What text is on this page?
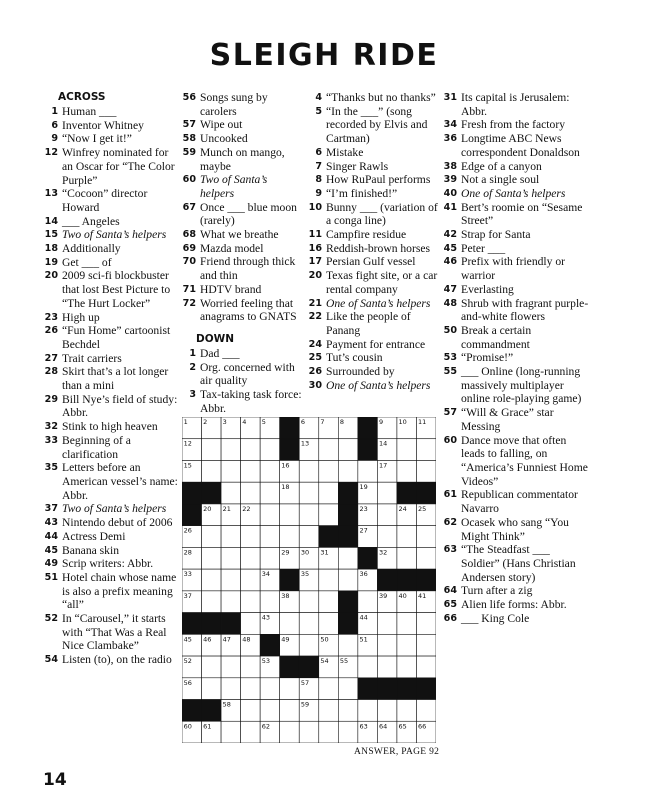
SLEIGH RIDE
ACROSS
1 Human ___
6 Inventor Whitney
9 “Now I get it!”
12 Winfrey nominated for an Oscar for “The Color Purple”
13 “Cocoon” director Howard
14 ___ Angeles
15 Two of Santa’s helpers
18 Additionally
19 Get ___ of
20 2009 sci-fi blockbuster that lost Best Picture to “The Hurt Locker”
23 High up
26 “Fun Home” cartoonist Bechdel
27 Trait carriers
28 Skirt that’s a lot longer than a mini
29 Bill Nye’s field of study: Abbr.
32 Stink to high heaven
33 Beginning of a clarification
35 Letters before an American vessel’s name: Abbr.
37 Two of Santa’s helpers
43 Nintendo debut of 2006
44 Actress Demi
45 Banana skin
49 Scrip writers: Abbr.
51 Hotel chain whose name is also a prefix meaning “all”
52 In “Carousel,” it starts with “That Was a Real Nice Clambake”
54 Listen (to), on the radio
56 Songs sung by carolers
57 Wipe out
58 Uncooked
59 Munch on mango, maybe
60 Two of Santa’s helpers
67 Once ___ blue moon (rarely)
68 What we breathe
69 Mazda model
70 Friend through thick and thin
71 HDTV brand
72 Worried feeling that anagrams to GNATS
DOWN
1 Dad ___
2 Org. concerned with air quality
3 Tax-taking task force: Abbr.
4 “Thanks but no thanks”
5 “In the ___” (song recorded by Elvis and Cartman)
6 Mistake
7 Singer Rawls
8 How RuPaul performs
9 “I’m finished!”
10 Bunny ___ (variation of a conga line)
11 Campfire residue
16 Reddish-brown horses
17 Persian Gulf vessel
20 Texas fight site, or a car rental company
21 One of Santa’s helpers
22 Like the people of Panang
24 Payment for entrance
25 Tut’s cousin
26 Surrounded by
30 One of Santa’s helpers
31 Its capital is Jerusalem: Abbr.
34 Fresh from the factory
36 Longtime ABC News correspondent Donaldson
38 Edge of a canyon
39 Not a single soul
40 One of Santa’s helpers
41 Bert’s roomie on “Sesame Street”
42 Strap for Santa
45 Peter ___
46 Prefix with friendly or warrior
47 Everlasting
48 Shrub with fragrant purple-and-white flowers
50 Break a certain commandment
53 “Promise!”
55 ___ Online (long-running massively multiplayer online role-playing game)
57 “Will & Grace” star Messing
60 Dance move that often leads to falling, on “America’s Funniest Home Videos”
61 Republican commentator Navarro
62 Ocasek who sang “You Might Think”
63 “The Steadfast ___ Soldier” (Hans Christian Andersen story)
64 Turn after a zig
65 Alien life forms: Abbr.
66 ___ King Cole
1 2 3 4 5	6 7 8	9 10 11
12	13	14
15	16	17
18	19
20 21 22	23	24 25
26	27
28	29 30 31	32
33	34	35	36
37	38	39 40 41
43	44
45 46 47 48	49	50	51
52	53	54 55
56	57
58	59
60 61	62	63 64 65 66
ANSWER, PAGE 92
14
